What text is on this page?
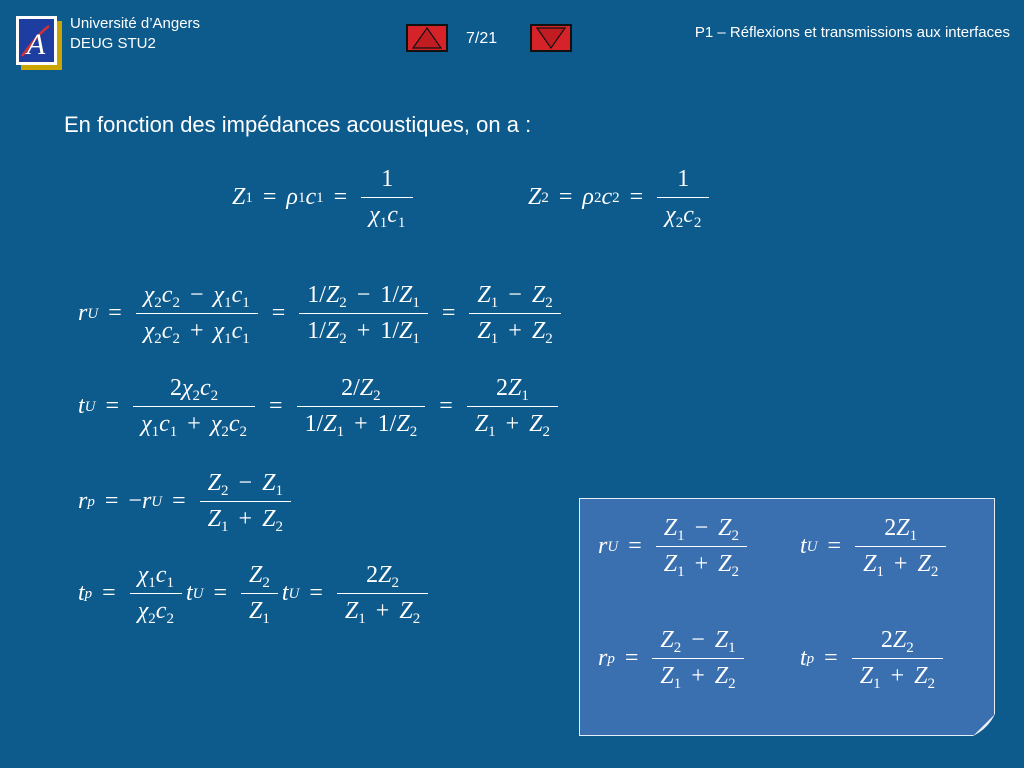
A
Université d’Angers
DEUG STU2	7/21	P1 – Réflexions et transmissions aux interfaces
En fonction des impédances acoustiques, on a :
Z 1 = ρ 1 c $1 = \frac{1}{\chi_1c_1}$	Z 2 = ρ 2 c $2 = \frac{1}{\chi_2c_2}$
r $U = \frac{\chi_2c_2 - \chi_1c_1}{\chi_2c_2 + \chi_1c_1} = \frac{1/Z_2 - 1/Z_1}{1/Z_2 + 1/Z_1} = \frac{Z_1 - Z_2}{Z_1 + Z_2}$
t $U = \frac{2\chi_2c_2}{\chi_1c_1 + \chi_2c_2} = \frac{2/Z_2}{1/Z_1 + 1/Z_2} = \frac{2Z_1}{Z_1 + Z_2}$
r p = − r $U = \frac{Z_2 - Z_1}{Z_1 + Z_2}$
t $p = \frac{\chi_1c_1}{\chi_2c_2}$ t $U = \frac{Z_2}{Z_1}$ t $U = \frac{2Z_2}{Z_1 + Z_2}$
r $U = \frac{Z_1 - Z_2}{Z_1 + Z_2}$ t $U = \frac{2Z_1}{Z_1 + Z_2}$
r $p = \frac{Z_2 - Z_1}{Z_1 + Z_2}$ t $p = \frac{2Z_2}{Z_1 + Z_2}$
